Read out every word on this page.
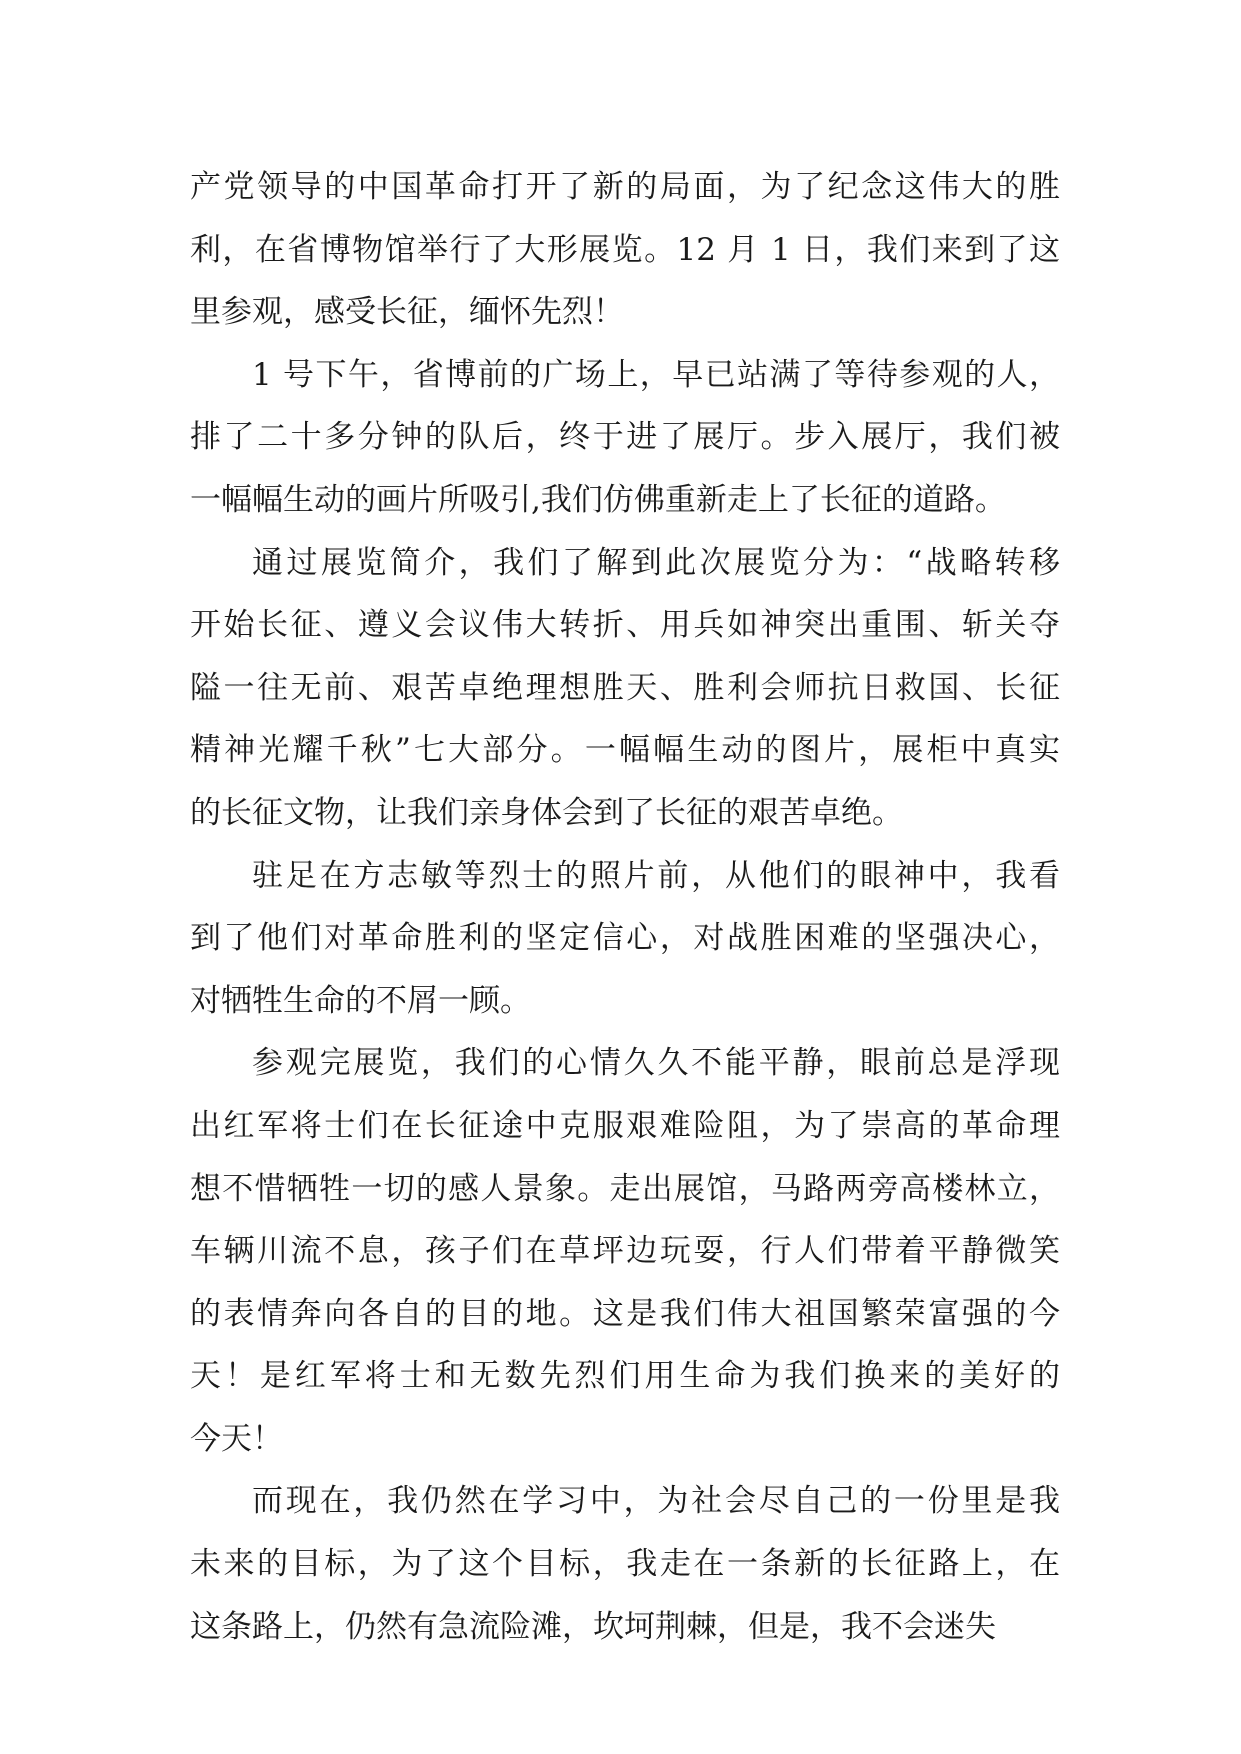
产党领导的中国革命打开了新的局面，为了纪念这伟大的胜
利，在省博物馆举行了大形展览。12 月 1 日，我们来到了这
里参观，感受长征，缅怀先烈！
1 号下午，省博前的广场上，早已站满了等待参观的人，
排了二十多分钟的队后，终于进了展厅。步入展厅，我们被
一幅幅生动的画片所吸引,我们仿佛重新走上了长征的道路。
通过展览简介，我们了解到此次展览分为：“战略转移
开始长征、遵义会议伟大转折、用兵如神突出重围、斩关夺
隘一往无前、艰苦卓绝理想胜天、胜利会师抗日救国、长征
精神光耀千秋”七大部分。一幅幅生动的图片，展柜中真实
的长征文物，让我们亲身体会到了长征的艰苦卓绝。
驻足在方志敏等烈士的照片前，从他们的眼神中，我看
到了他们对革命胜利的坚定信心，对战胜困难的坚强决心，
对牺牲生命的不屑一顾。
参观完展览，我们的心情久久不能平静，眼前总是浮现
出红军将士们在长征途中克服艰难险阻，为了崇高的革命理
想不惜牺牲一切的感人景象。走出展馆，马路两旁高楼林立，
车辆川流不息，孩子们在草坪边玩耍，行人们带着平静微笑
的表情奔向各自的目的地。这是我们伟大祖国繁荣富强的今
天！是红军将士和无数先烈们用生命为我们换来的美好的
今天！
而现在，我仍然在学习中，为社会尽自己的一份里是我
未来的目标，为了这个目标，我走在一条新的长征路上，在
这条路上，仍然有急流险滩，坎坷荆棘，但是，我不会迷失
